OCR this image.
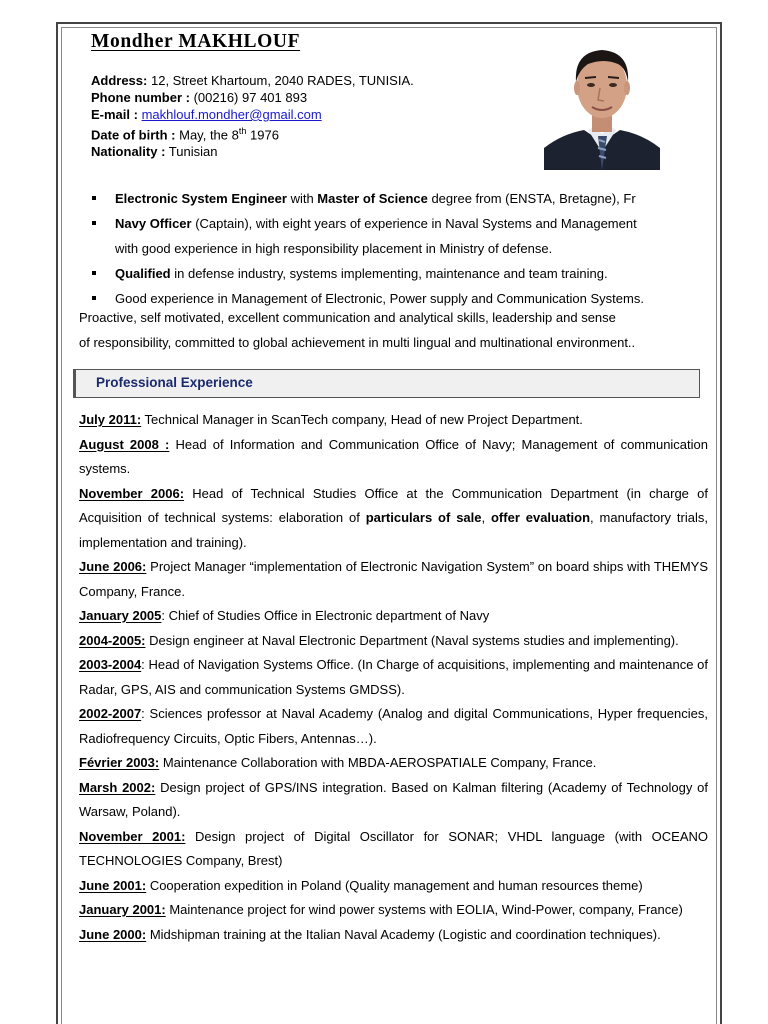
Mondher MAKHLOUF
Address: 12, Street Khartoum, 2040 RADES, TUNISIA.
Phone number : (00216) 97 401 893
E-mail : makhlouf.mondher@gmail.com
Date of birth : May, the 8th 1976
Nationality : Tunisian
Electronic System Engineer with Master of Science degree from (ENSTA, Bretagne), Fr
Navy Officer (Captain), with eight years of experience in Naval Systems and Management
with good experience in high responsibility placement in Ministry of defense.
Qualified in defense industry, systems implementing, maintenance and team training.
Good experience in Management of Electronic, Power supply and Communication Systems.
Proactive, self motivated, excellent communication and analytical skills, leadership and sense
of responsibility, committed to global achievement in multi lingual and multinational environment..
Professional Experience

July 2011: Technical Manager in ScanTech company, Head of new Project Department.

August 2008 : Head of Information and Communication Office of Navy; Management of communication systems.

November 2006: Head of Technical Studies Office at the Communication Department (in charge of Acquisition of technical systems: elaboration of particulars of sale, offer evaluation, manufactory trials, implementation and training).

June 2006: Project Manager “implementation of Electronic Navigation System” on board ships with THEMYS Company, France.

January 2005: Chief of Studies Office in Electronic department of Navy

2004-2005: Design engineer at Naval Electronic Department (Naval systems studies and implementing).

2003-2004: Head of Navigation Systems Office. (In Charge of acquisitions, implementing and maintenance of Radar, GPS, AIS and communication Systems GMDSS).

2002-2007: Sciences professor at Naval Academy (Analog and digital Communications, Hyper frequencies, Radiofrequency Circuits, Optic Fibers, Antennas…).

Février 2003: Maintenance Collaboration with MBDA-AEROSPATIALE Company, France.

Marsh 2002: Design project of GPS/INS integration. Based on Kalman filtering (Academy of Technology of Warsaw, Poland).

November 2001: Design project of Digital Oscillator for SONAR; VHDL language (with OCEANO TECHNOLOGIES Company, Brest)

June 2001: Cooperation expedition in Poland (Quality management and human resources theme)

January 2001: Maintenance project for wind power systems with EOLIA, Wind-Power, company, France)

June 2000: Midshipman training at the Italian Naval Academy (Logistic and coordination techniques).
